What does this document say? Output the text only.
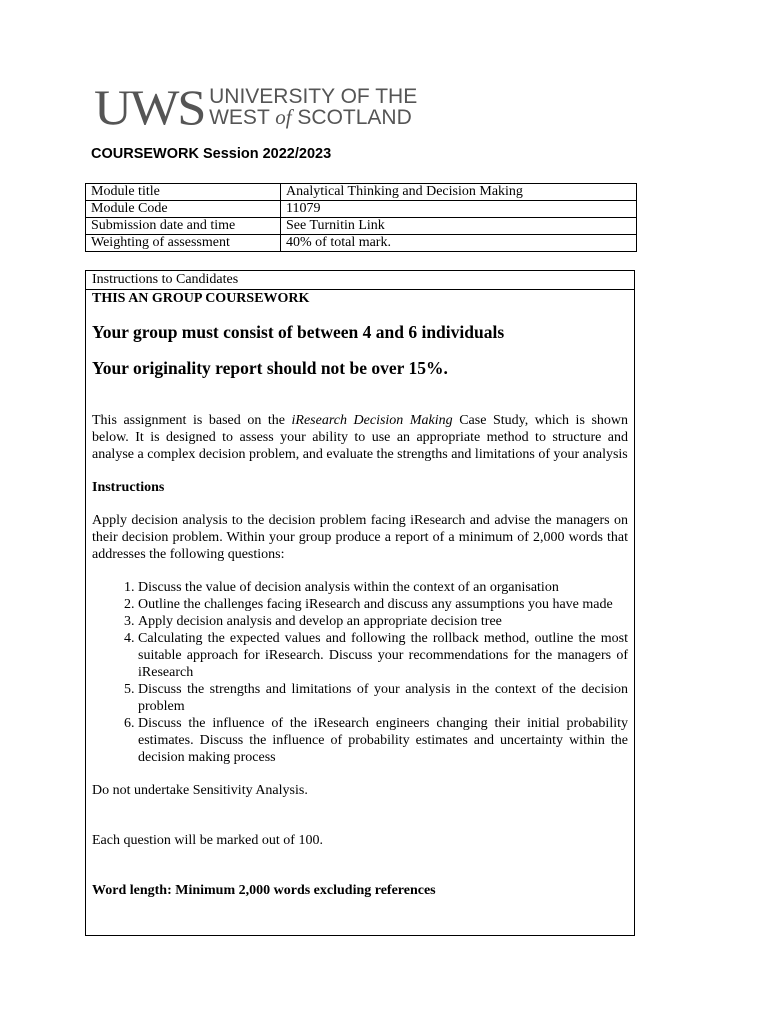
UWS UNIVERSITY OF THE
WEST of SCOTLAND
COURSEWORK Session 2022/2023
Module title	Analytical Thinking and Decision Making
Module Code	11079
Submission date and time	See Turnitin Link
Weighting of assessment	40% of total mark.
Instructions to Candidates

THIS AN GROUP COURSEWORK

Your group must consist of between 4 and 6 individuals

Your originality report should not be over 15%.

This assignment is based on the iResearch Decision Making Case Study, which is shown below. It is designed to assess your ability to use an appropriate method to structure and analyse a complex decision problem, and evaluate the strengths and limitations of your analysis

Instructions

Apply decision analysis to the decision problem facing iResearch and advise the managers on their decision problem. Within your group produce a report of a minimum of 2,000 words that addresses the following questions:

1. Discuss the value of decision analysis within the context of an organisation
2. Outline the challenges facing iResearch and discuss any assumptions you have made
3. Apply decision analysis and develop an appropriate decision tree
4. Calculating the expected values and following the rollback method, outline the most suitable approach for iResearch. Discuss your recommendations for the managers of iResearch
5. Discuss the strengths and limitations of your analysis in the context of the decision problem
6. Discuss the influence of the iResearch engineers changing their initial probability estimates. Discuss the influence of probability estimates and uncertainty within the decision making process

Do not undertake Sensitivity Analysis.

Each question will be marked out of 100.

Word length: Minimum 2,000 words excluding references
